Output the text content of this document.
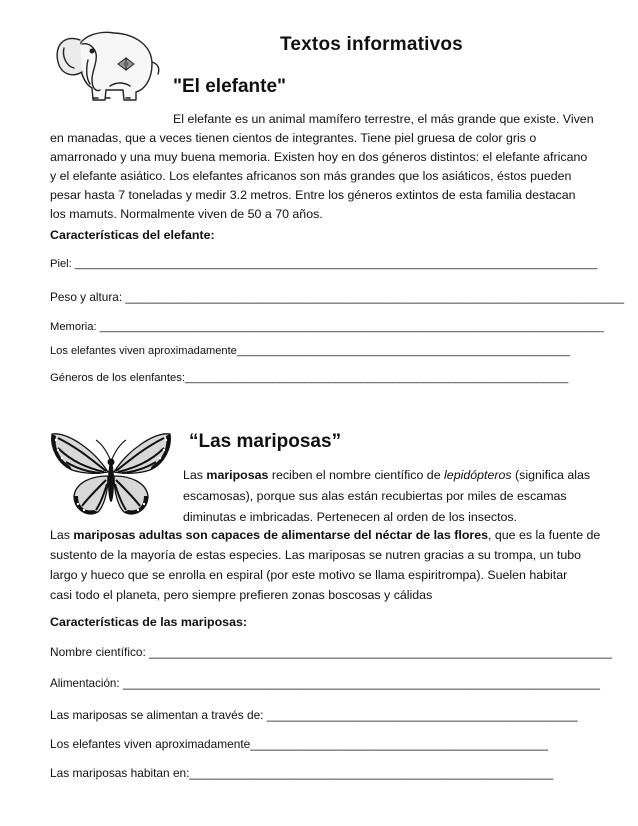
Textos informativos
"El elefante"
El elefante es un animal mamífero terrestre, el más grande que existe. Viven
en manadas, que a veces tienen cientos de integrantes. Tiene piel gruesa de color gris o
amarronado y una muy buena memoria. Existen hoy en dos géneros distintos: el elefante africano
y el elefante asiático. Los elefantes africanos son más grandes que los asiáticos, éstos pueden
pesar hasta 7 toneladas y medir 3.2 metros. Entre los géneros extintos de esta familia destacan
los mamuts. Normalmente viven de 50 a 70 años.
Características del elefante:
Piel: ____________________________________________________________________________________
Peso y altura: ____________________________________________________________________________
Memoria: _________________________________________________________________________________
Los elefantes viven aproximadamente______________________________________________________
Géneros de los elenfantes:_____________________________________________________________
“Las mariposas”
Las mariposas reciben el nombre científico de lepidópteros (significa alas
escamosas), porque sus alas están recubiertas por miles de escamas
diminutas e imbricadas. Pertenecen al orden de los insectos.
Las mariposas adultas son capaces de alimentarse del néctar de las flores, que es la fuente de
sustento de la mayoría de estas especies. Las mariposas se nutren gracias a su trompa, un tubo
largo y hueco que se enrolla en espiral (por este motivo se llama espiritrompa). Suelen habitar
casi todo el planeta, pero siempre prefieren zonas boscosas y cálidas
Características de las mariposas:
Nombre científico: ______________________________________________________________________
Alimentación: __________________________________________________________________________
Las mariposas se alimentan a través de: _______________________________________________
Los elefantes viven aproximadamente_____________________________________________
Las mariposas habitan en:_______________________________________________________
